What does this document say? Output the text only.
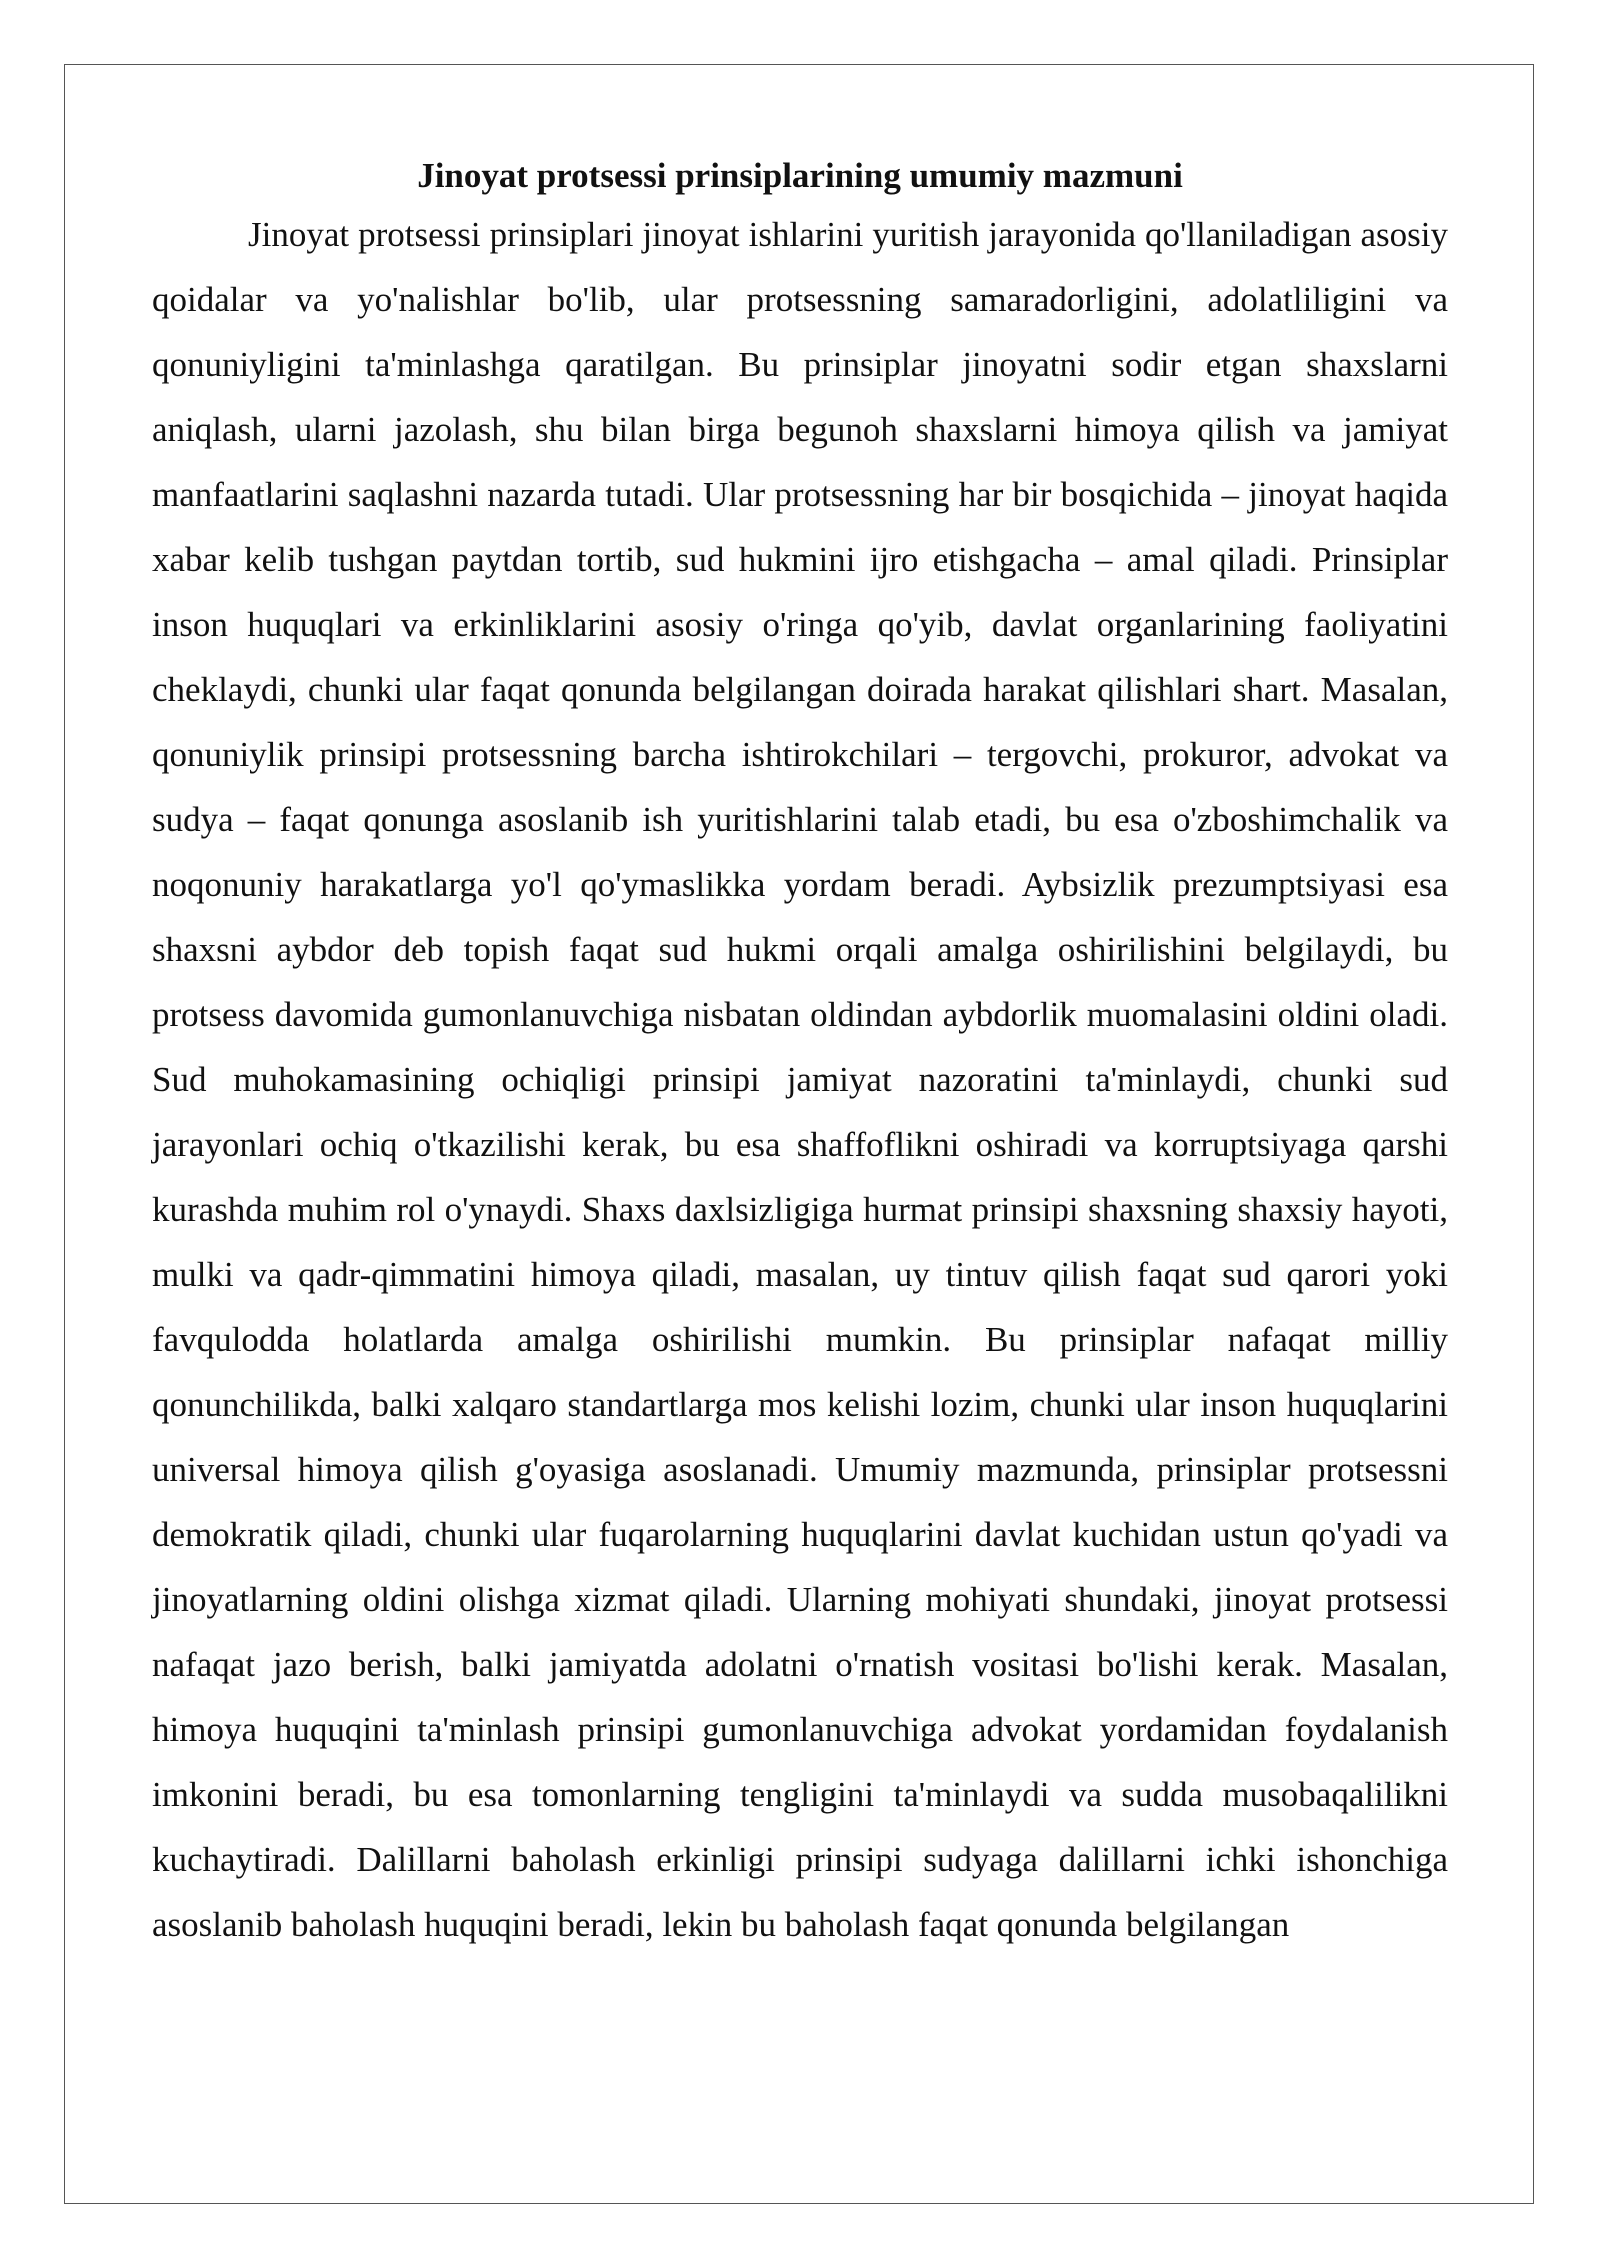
Jinoyat protsessi prinsiplarining umumiy mazmuni

Jinoyat protsessi prinsiplari jinoyat ishlarini yuritish jarayonida qo'llaniladigan asosiy qoidalar va yo'nalishlar bo'lib, ular protsessning samaradorligini, adolatliligini va qonuniyligini ta'minlashga qaratilgan. Bu prinsiplar jinoyatni sodir etgan shaxslarni aniqlash, ularni jazolash, shu bilan birga begunoh shaxslarni himoya qilish va jamiyat manfaatlarini saqlashni nazarda tutadi. Ular protsessning har bir bosqichida – jinoyat haqida xabar kelib tushgan paytdan tortib, sud hukmini ijro etishgacha – amal qiladi. Prinsiplar inson huquqlari va erkinliklarini asosiy o'ringa qo'yib, davlat organlarining faoliyatini cheklaydi, chunki ular faqat qonunda belgilangan doirada harakat qilishlari shart. Masalan, qonuniylik prinsipi protsessning barcha ishtirokchilari – tergovchi, prokuror, advokat va sudya – faqat qonunga asoslanib ish yuritishlarini talab etadi, bu esa o'zboshimchalik va noqonuniy harakatlarga yo'l qo'ymaslikka yordam beradi. Aybsizlik prezumptsiyasi esa shaxsni aybdor deb topish faqat sud hukmi orqali amalga oshirilishini belgilaydi, bu protsess davomida gumonlanuvchiga nisbatan oldindan aybdorlik muomalasini oldini oladi. Sud muhokamasining ochiqligi prinsipi jamiyat nazoratini ta'minlaydi, chunki sud jarayonlari ochiq o'tkazilishi kerak, bu esa shaffoflikni oshiradi va korruptsiyaga qarshi kurashda muhim rol o'ynaydi. Shaxs daxlsizligiga hurmat prinsipi shaxsning shaxsiy hayoti, mulki va qadr-qimmatini himoya qiladi, masalan, uy tintuv qilish faqat sud qarori yoki favqulodda holatlarda amalga oshirilishi mumkin. Bu prinsiplar nafaqat milliy qonunchilikda, balki xalqaro standartlarga mos kelishi lozim, chunki ular inson huquqlarini universal himoya qilish g'oyasiga asoslanadi. Umumiy mazmunda, prinsiplar protsessni demokratik qiladi, chunki ular fuqarolarning huquqlarini davlat kuchidan ustun qo'yadi va jinoyatlarning oldini olishga xizmat qiladi. Ularning mohiyati shundaki, jinoyat protsessi nafaqat jazo berish, balki jamiyatda adolatni o'rnatish vositasi bo'lishi kerak. Masalan, himoya huquqini ta'minlash prinsipi gumonlanuvchiga advokat yordamidan foydalanish imkonini beradi, bu esa tomonlarning tengligini ta'minlaydi va sudda musobaqalilikni kuchaytiradi. Dalillarni baholash erkinligi prinsipi sudyaga dalillarni ichki ishonchiga asoslanib baholash huquqini beradi, lekin bu baholash faqat qonunda belgilangan
